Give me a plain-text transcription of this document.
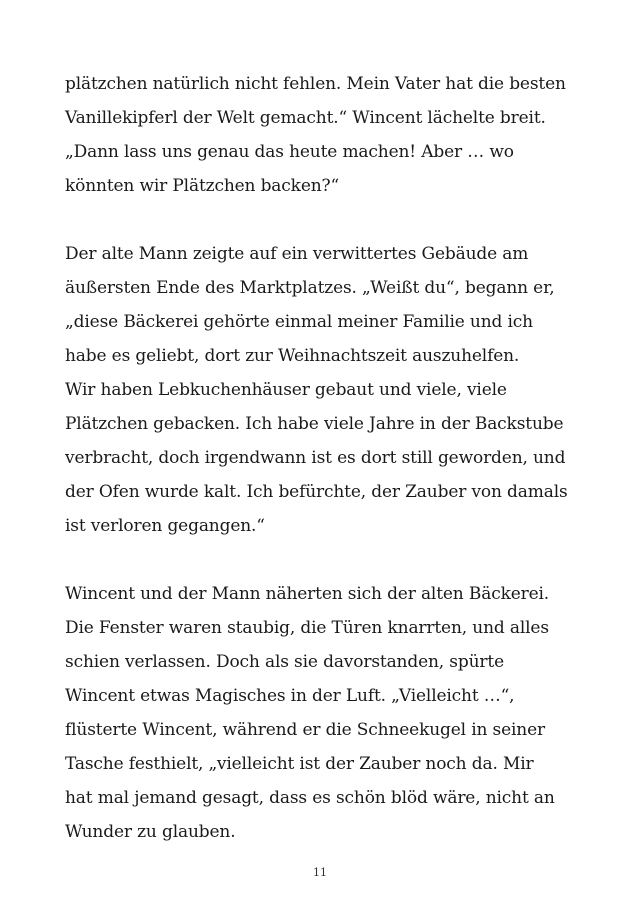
plätzchen natürlich nicht fehlen. Mein Vater hat die besten
Vanillekipferl der Welt gemacht.“ Wincent lächelte breit.
„Dann lass uns genau das heute machen! Aber … wo
könnten wir Plätzchen backen?“
Der alte Mann zeigte auf ein verwittertes Gebäude am
äußersten Ende des Marktplatzes. „Weißt du“, begann er,
„diese Bäckerei gehörte einmal meiner Familie und ich
habe es geliebt, dort zur Weihnachtszeit auszuhelfen.
Wir haben Lebkuchenhäuser gebaut und viele, viele
Plätzchen gebacken. Ich habe viele Jahre in der Backstube
verbracht, doch irgendwann ist es dort still geworden, und
der Ofen wurde kalt. Ich befürchte, der Zauber von damals
ist verloren gegangen.“
Wincent und der Mann näherten sich der alten Bäckerei.
Die Fenster waren staubig, die Türen knarrten, und alles
schien verlassen. Doch als sie davorstanden, spürte
Wincent etwas Magisches in der Luft. „Vielleicht …“,
flüsterte Wincent, während er die Schneekugel in seiner
Tasche festhielt, „vielleicht ist der Zauber noch da. Mir
hat mal jemand gesagt, dass es schön blöd wäre, nicht an
Wunder zu glauben.
11
